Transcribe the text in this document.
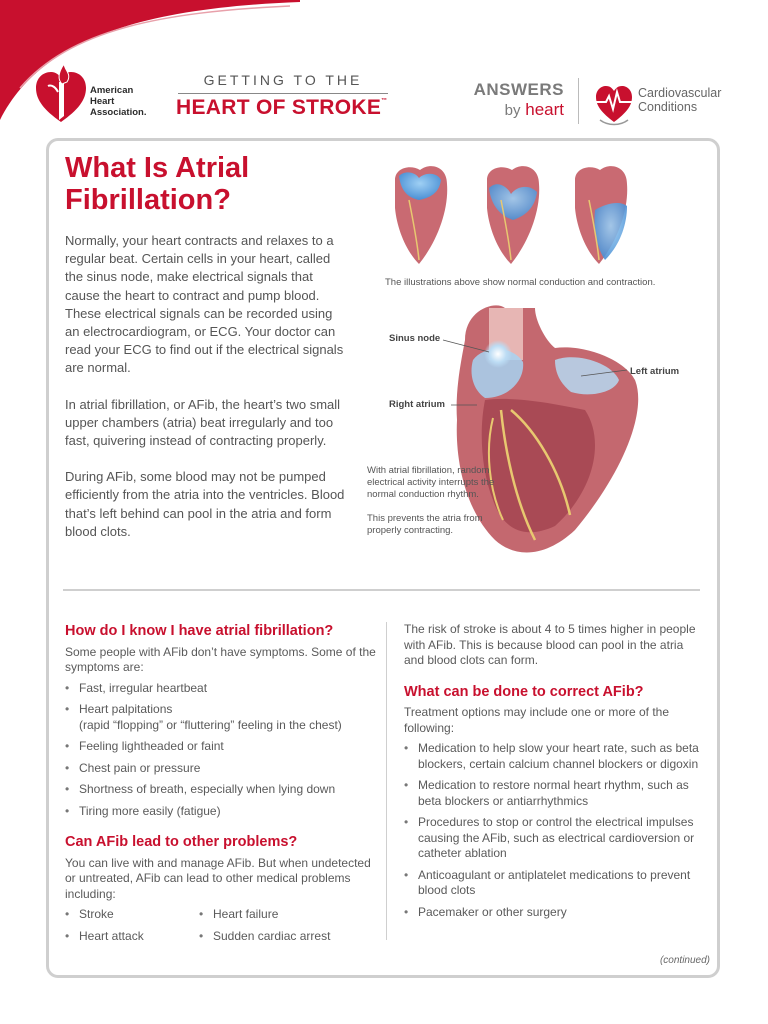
American
Heart
Association.
GETTING TO THE
HEART OF STROKE™
ANSWERS
by heart
Cardiovascular
Conditions
What Is Atrial Fibrillation?

Normally, your heart contracts and relaxes to a regular beat. Certain cells in your heart, called the sinus node, make electrical signals that cause the heart to contract and pump blood. These electrical signals can be recorded using an electrocardiogram, or ECG. Your doctor can read your ECG to find out if the electrical signals are normal.

In atrial fibrillation, or AFib, the heart’s two small upper chambers (atria) beat irregularly and too fast, quivering instead of contracting properly.

During AFib, some blood may not be pumped efficiently from the atria into the ventricles. Blood that’s left behind can pool in the atria and form blood clots.

The illustrations above show normal conduction and contraction.
Sinus node
Right atrium
Left atrium

With atrial fibrillation, random electrical activity interrupts the normal conduction rhythm.

This prevents the atria from properly contracting.

How do I know I have atrial fibrillation?

Some people with AFib don’t have symptoms. Some of the symptoms are:

• Fast, irregular heartbeat
• Heart palpitations
(rapid “flopping” or “fluttering” feeling in the chest)
• Feeling lightheaded or faint
• Chest pain or pressure
• Shortness of breath, especially when lying down
• Tiring more easily (fatigue)
Can AFib lead to other problems?

You can live with and manage AFib. But when undetected or untreated, AFib can lead to other medical problems including:

• Stroke
• Heart attack
• Heart failure
• Sudden cardiac arrest

The risk of stroke is about 4 to 5 times higher in people with AFib. This is because blood can pool in the atria and blood clots can form.

What can be done to correct AFib?

Treatment options may include one or more of the following:

• Medication to help slow your heart rate, such as beta blockers, certain calcium channel blockers or digoxin
• Medication to restore normal heart rhythm, such as beta blockers or antiarrhythmics
• Procedures to stop or control the electrical impulses causing the AFib, such as electrical cardioversion or catheter ablation
• Anticoagulant or antiplatelet medications to prevent blood clots
• Pacemaker or other surgery
(continued)
